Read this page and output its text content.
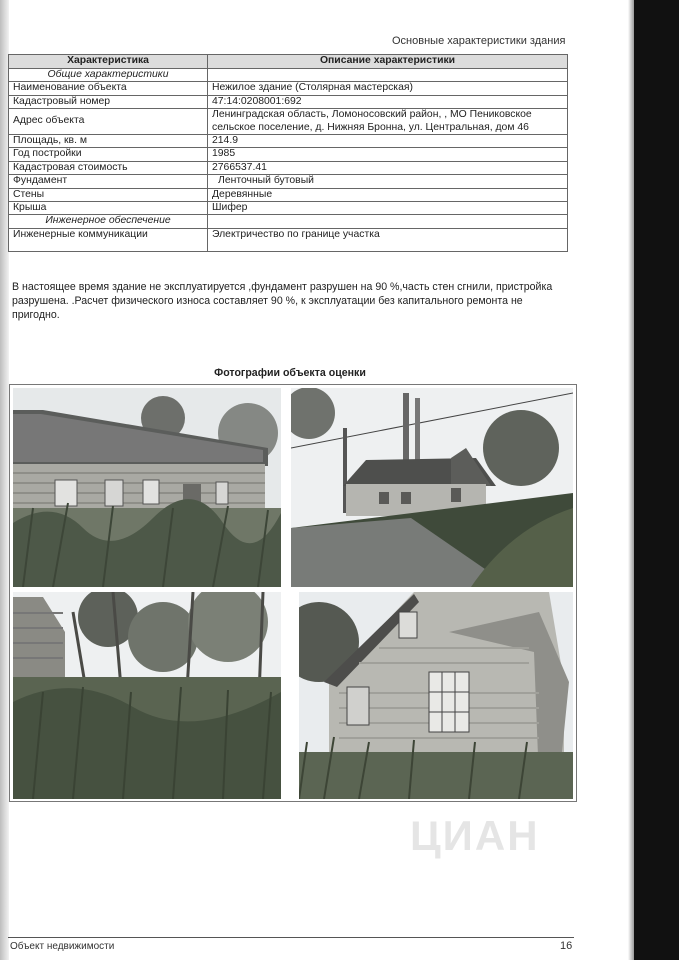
Основные характеристики здания
Характеристика	Описание характеристики
Общие характеристики	
Наименование объекта	Нежилое здание (Столярная мастерская)
Кадастровый номер	47:14:0208001:692
Адрес объекта	Ленинградская область, Ломоносовский район, , МО Пениковское сельское поселение, д. Нижняя Бронна, ул. Центральная, дом 46
Площадь, кв. м	214.9
Год постройки	1985
Кадастровая стоимость	2766537.41
Фундамент	Ленточный бутовый
Стены	Деревянные
Крыша	Шифер
Инженерное обеспечение	
Инженерные коммуникации	Электричество по границе участка
В настоящее время здание не эксплуатируется ,фундамент разрушен на 90 %,часть стен сгнили, пристройка разрушена. .Расчет физического износа составляет 90 %, к эксплуатации без капитального ремонта не пригодно.
Фотографии объекта оценки
ЦИАН
Объект недвижимости	16
